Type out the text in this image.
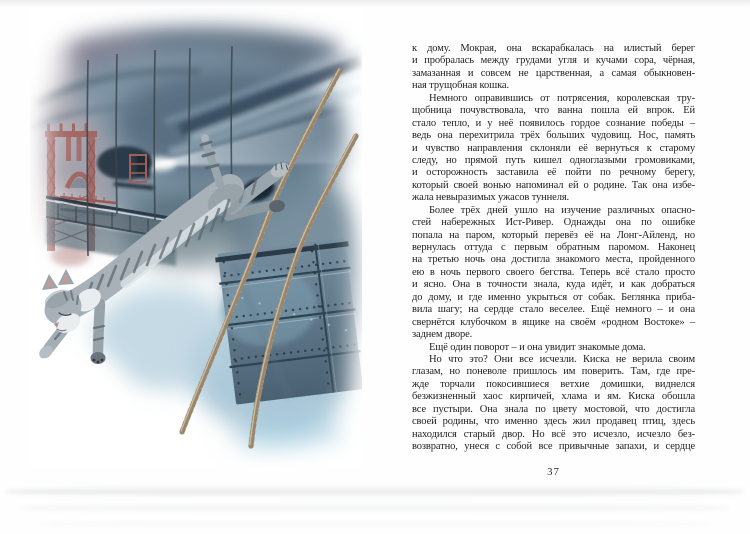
к дому. Мокрая, она вскарабкалась на илистый берег
и пробралась между грудами угля и кучами сора, чёрная,
замазанная и совсем не царственная, а самая обыкновен-
ная трущобная кошка.
Немного оправившись от потрясения, королевская тру-
щобница почувствовала, что ванна пошла ей впрок. Ей
стало тепло, и у неё появилось гордое сознание победы –
ведь она перехитрила трёх больших чудовищ. Нос, память
и чувство направления склоняли её вернуться к старому
следу, но прямой путь кишел одноглазыми громовиками,
и осторожность заставила её пойти по речному берегу,
который своей вонью напоминал ей о родине. Так она избе-
жала невыразимых ужасов туннеля.
Более трёх дней ушло на изучение различных опасно-
стей набережных Ист-Ривер. Однажды она по ошибке
попала на паром, который перевёз её на Лонг-Айленд, но
вернулась оттуда с первым обратным паромом. Наконец
на третью ночь она достигла знакомого места, пройденного
ею в ночь первого своего бегства. Теперь всё стало просто
и ясно. Она в точности знала, куда идёт, и как добраться
до дому, и где именно укрыться от собак. Беглянка приба-
вила шагу; на сердце стало веселее. Ещё немного – и она
свернётся клубочком в ящике на своём «родном Востоке» –
заднем дворе.
Ещё один поворот – и она увидит знакомые дома.
Но что это? Они все исчезли. Киска не верила своим
глазам, но поневоле пришлось им поверить. Там, где пре-
жде торчали покосившиеся ветхие домишки, виднелся
безжизненный хаос кирпичей, хлама и ям. Киска обошла
все пустыри. Она знала по цвету мостовой, что достигла
своей родины, что именно здесь жил продавец птиц, здесь
находился старый двор. Но всё это исчезло, исчезло без-
возвратно, унеся с собой все привычные запахи, и сердце
37
